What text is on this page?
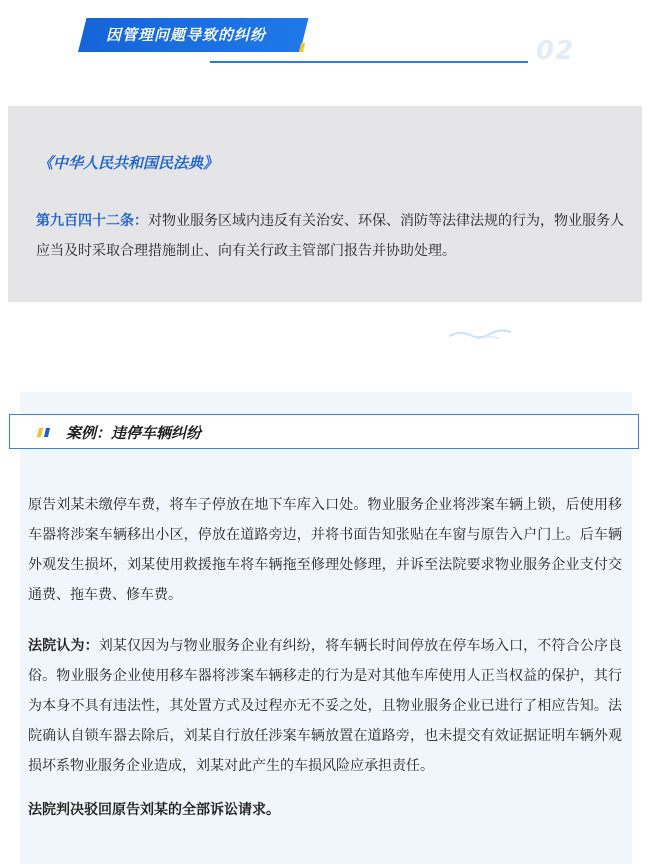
因管理问题导致的纠纷
02
《中华人民共和国民法典》
第九百四十二条：对物业服务区域内违反有关治安、环保、消防等法律法规的行为，物业服务人应当及时采取合理措施制止、向有关行政主管部门报告并协助处理。
案例：违停车辆纠纷
原告刘某未缴停车费，将车子停放在地下车库入口处。物业服务企业将涉案车辆上锁，后使用移车器将涉案车辆移出小区，停放在道路旁边，并将书面告知张贴在车窗与原告入户门上。后车辆外观发生损坏，刘某使用救援拖车将车辆拖至修理处修理，并诉至法院要求物业服务企业支付交通费、拖车费、修车费。
法院认为：刘某仅因为与物业服务企业有纠纷，将车辆长时间停放在停车场入口，不符合公序良俗。物业服务企业使用移车器将涉案车辆移走的行为是对其他车库使用人正当权益的保护，其行为本身不具有违法性，其处置方式及过程亦无不妥之处，且物业服务企业已进行了相应告知。法院确认自锁车器去除后，刘某自行放任涉案车辆放置在道路旁，也未提交有效证据证明车辆外观损坏系物业服务企业造成，刘某对此产生的车损风险应承担责任。
法院判决驳回原告刘某的全部诉讼请求。
